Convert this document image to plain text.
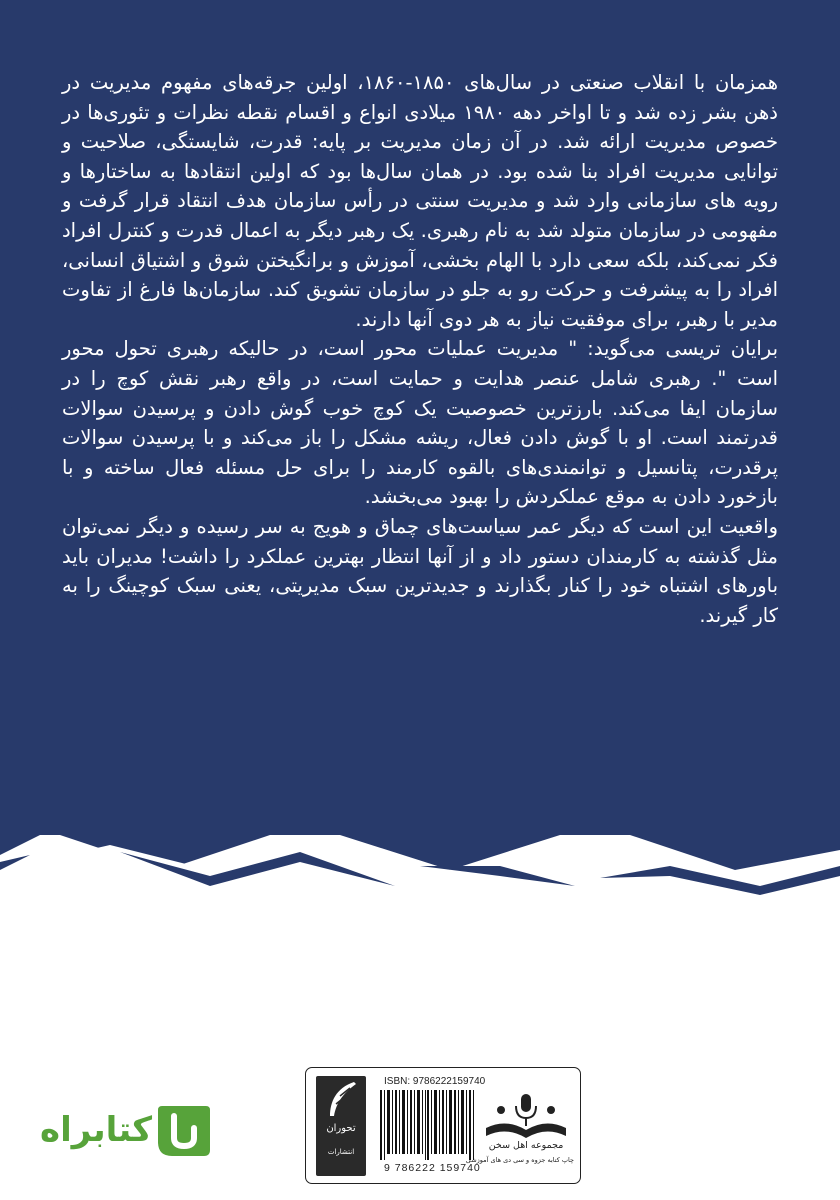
همزمان با انقلاب صنعتی در سال‌های ۱۸۵۰-۱۸۶۰، اولین جرقه‌های مفهوم مدیریت در ذهن بشر زده شد و تا اواخر دهه ۱۹۸۰ میلادی انواع و اقسام نقطه نظرات و تئوری‌ها در خصوص مدیریت ارائه شد. در آن زمان مدیریت بر پایه: قدرت، شایستگی، صلاحیت و توانایی مدیریت افراد بنا شده بود. در همان سال‌ها بود که اولین انتقادها به ساختارها و رویه های سازمانی وارد شد و مدیریت سنتی در رأس سازمان هدف انتقاد قرار گرفت و مفهومی در سازمان متولد شد به نام رهبری. یک رهبر دیگر به اعمال قدرت و کنترل افراد فکر نمی‌کند، بلکه سعی دارد با الهام بخشی، آموزش و برانگیختن شوق و اشتیاق انسانی، افراد را به پیشرفت و حرکت رو به جلو در سازمان تشویق کند. سازمان‌ها فارغ از تفاوت مدیر با رهبر، برای موفقیت نیاز به هر دوی آنها دارند.

برایان تریسی می‌گوید: " مدیریت عملیات محور است، در حالیکه رهبری تحول محور است ". رهبری شامل عنصر هدایت و حمایت است، در واقع رهبر نقش کوچ را در سازمان ایفا می‌کند. بارزترین خصوصیت یک کوچ خوب گوش دادن و پرسیدن سوالات قدرتمند است. او با گوش دادن فعال، ریشه مشکل را باز می‌کند و با پرسیدن سوالات پرقدرت، پتانسیل و توانمندی‌های بالقوه کارمند را برای حل مسئله فعال ساخته و با بازخورد دادن به موقع عملکردش را بهبود می‌بخشد.

واقعیت این است که دیگر عمر سیاست‌های چماق و هویج به سر رسیده و دیگر نمی‌توان مثل گذشته به کارمندان دستور داد و از آنها انتظار بهترین عملکرد را داشت! مدیران باید باورهای اشتباه خود را کنار بگذارند و جدیدترین سبک مدیریتی، یعنی سبک کوچینگ را به کار گیرند.

تحوران
انتشارات
ISBN: 9786222159740
9 786222 159740
مجموعه اهل سخن
چاپ کتابه جزوه و سی دی های آموزشی
کتابراه
